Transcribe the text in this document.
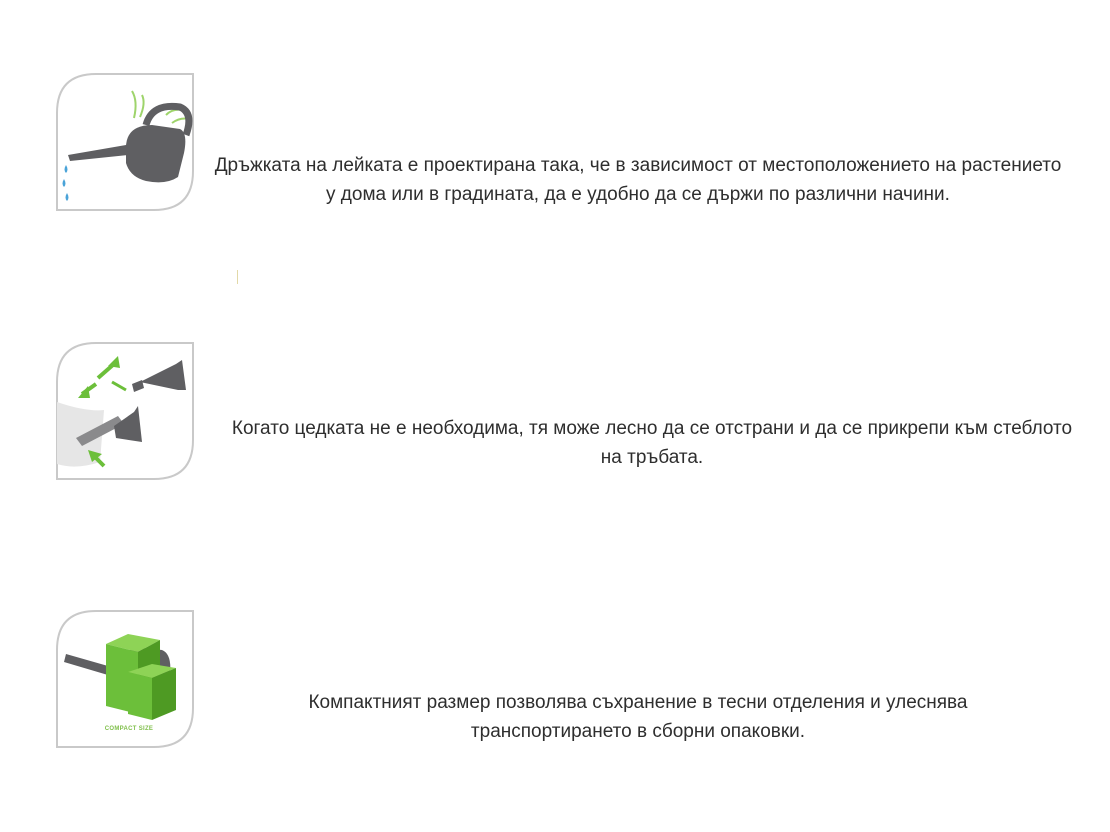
Дръжката на лейката е проектирана така, че в зависимост от местоположението на растението у дома или в градината, да е удобно да се държи по различни начини.

Когато цедката не е необходима, тя може лесно да се отстрани и да се прикрепи към стеблото на тръбата.

COMPACT SIZE

Компактният размер позволява съхранение в тесни отделения и улеснява транспортирането в сборни опаковки.
